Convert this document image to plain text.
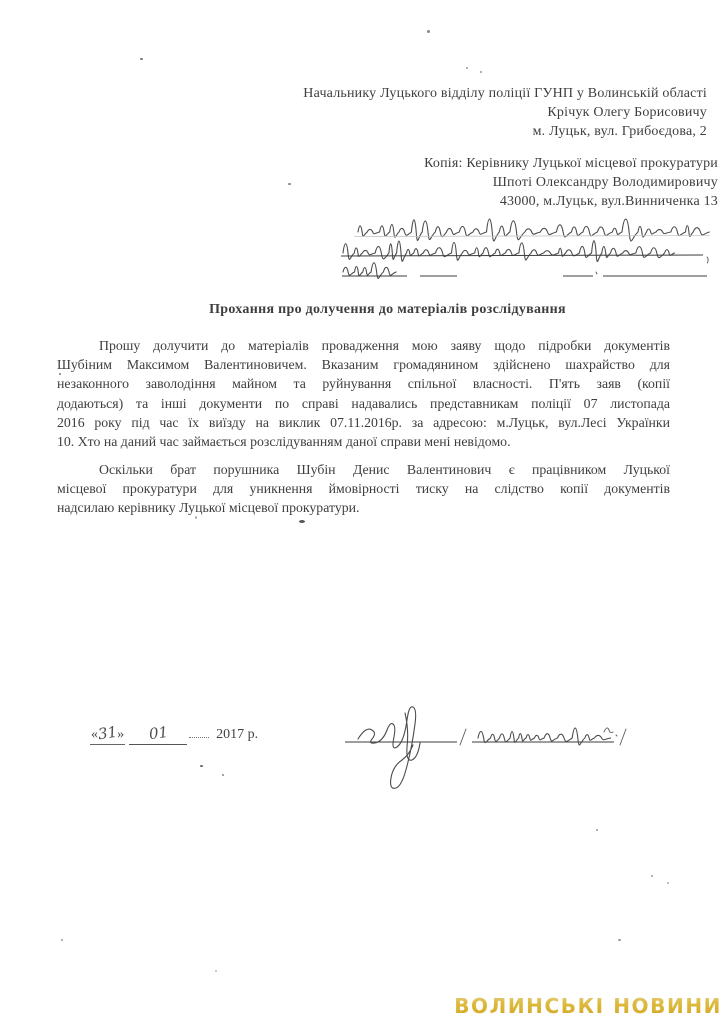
Начальнику Луцького відділу поліції ГУНП у Волинській області
Крічук Олегу Борисовичу
м. Луцьк, вул. Грибоєдова, 2
Копія: Керівнику Луцької місцевої прокуратури
Шпоті Олександру Володимировичу
43000, м.Луцьк, вул.Винниченка 13
Прохання про долучення до матеріалів розслідування
Прошу долучити до матеріалів провадження мою заяву щодо підробки документів
Шубіним Максимом Валентиновичем. Вказаним громадянином здійснено шахрайство для
незаконного заволодіння майном та руйнування спільної власності. П'ять заяв (копії
додаються) та інші документи по справі надавались представникам поліції 07 листопада
2016 року під час їх виїзду на виклик 07.11.2016р. за адресою: м.Луцьк, вул.Лесі Українки
10. Хто на даний час займається розслідуванням даної справи мені невідомо.
Оскільки брат порушника Шубін Денис Валентинович є працівником Луцької
місцевої прокуратури для уникнення ймовірності тиску на слідство копії документів
надсилаю керівнику Луцької місцевої прокуратури.
«31» 01	2017 р.
ВОЛИНСЬКІ НОВИНИ
